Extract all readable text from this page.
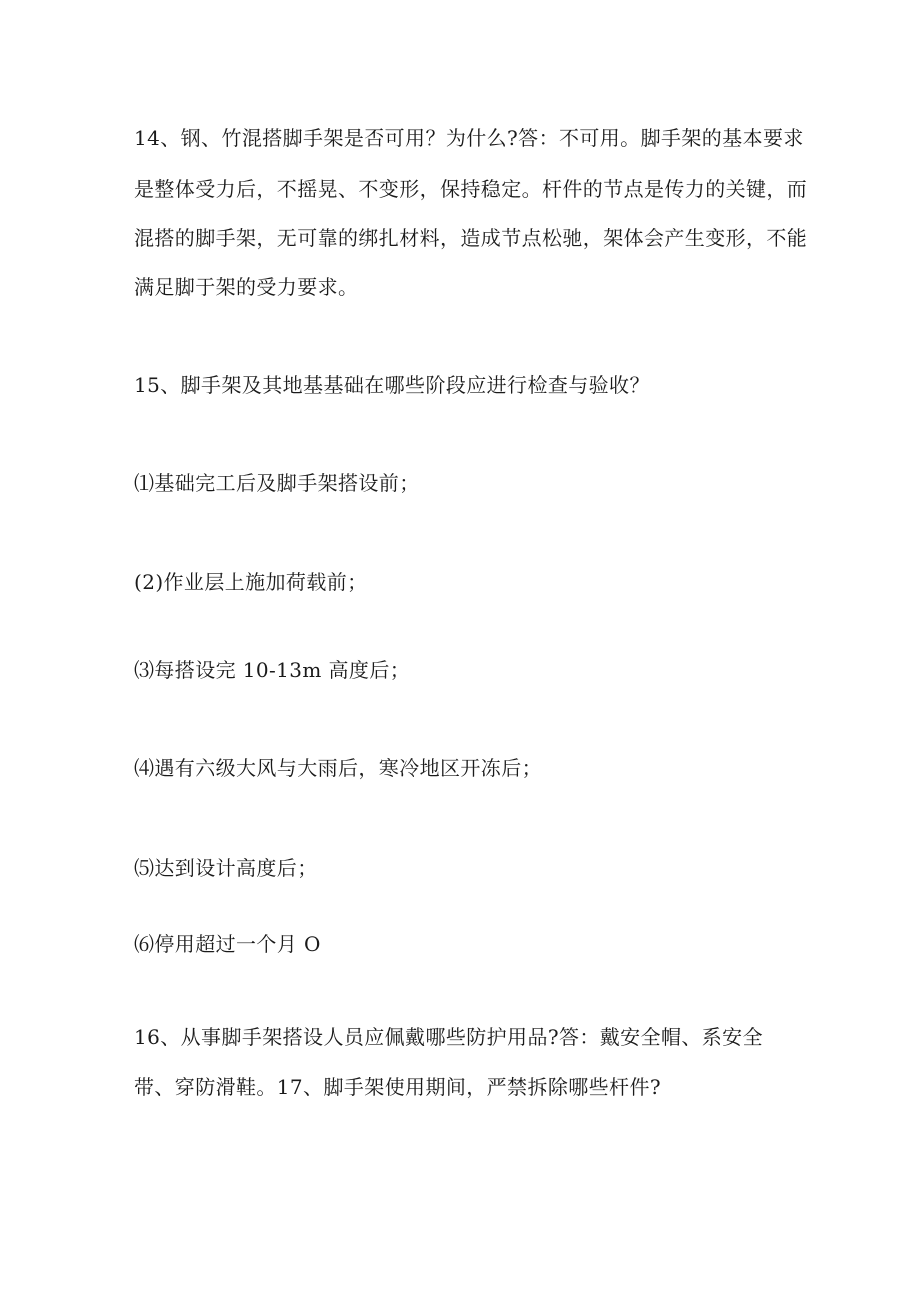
14、钢、竹混搭脚手架是否可用？为什么?答：不可用。脚手架的基本要求
是整体受力后，不摇晃、不变形，保持稳定。杆件的节点是传力的关键，而
混搭的脚手架，无可靠的绑扎材料，造成节点松驰，架体会产生变形，不能
满足脚于架的受力要求。
15、脚手架及其地基基础在哪些阶段应进行检查与验收？
⑴基础完工后及脚手架搭设前；
(2)作业层上施加荷载前；
⑶每搭设完 10-13m 高度后；
⑷遇有六级大风与大雨后，寒冷地区开冻后；
⑸达到设计高度后；
⑹停用超过一个月 O
16、从事脚手架搭设人员应佩戴哪些防护用品?答：戴安全帽、系安全
带、穿防滑鞋。17、脚手架使用期间，严禁拆除哪些杆件?
